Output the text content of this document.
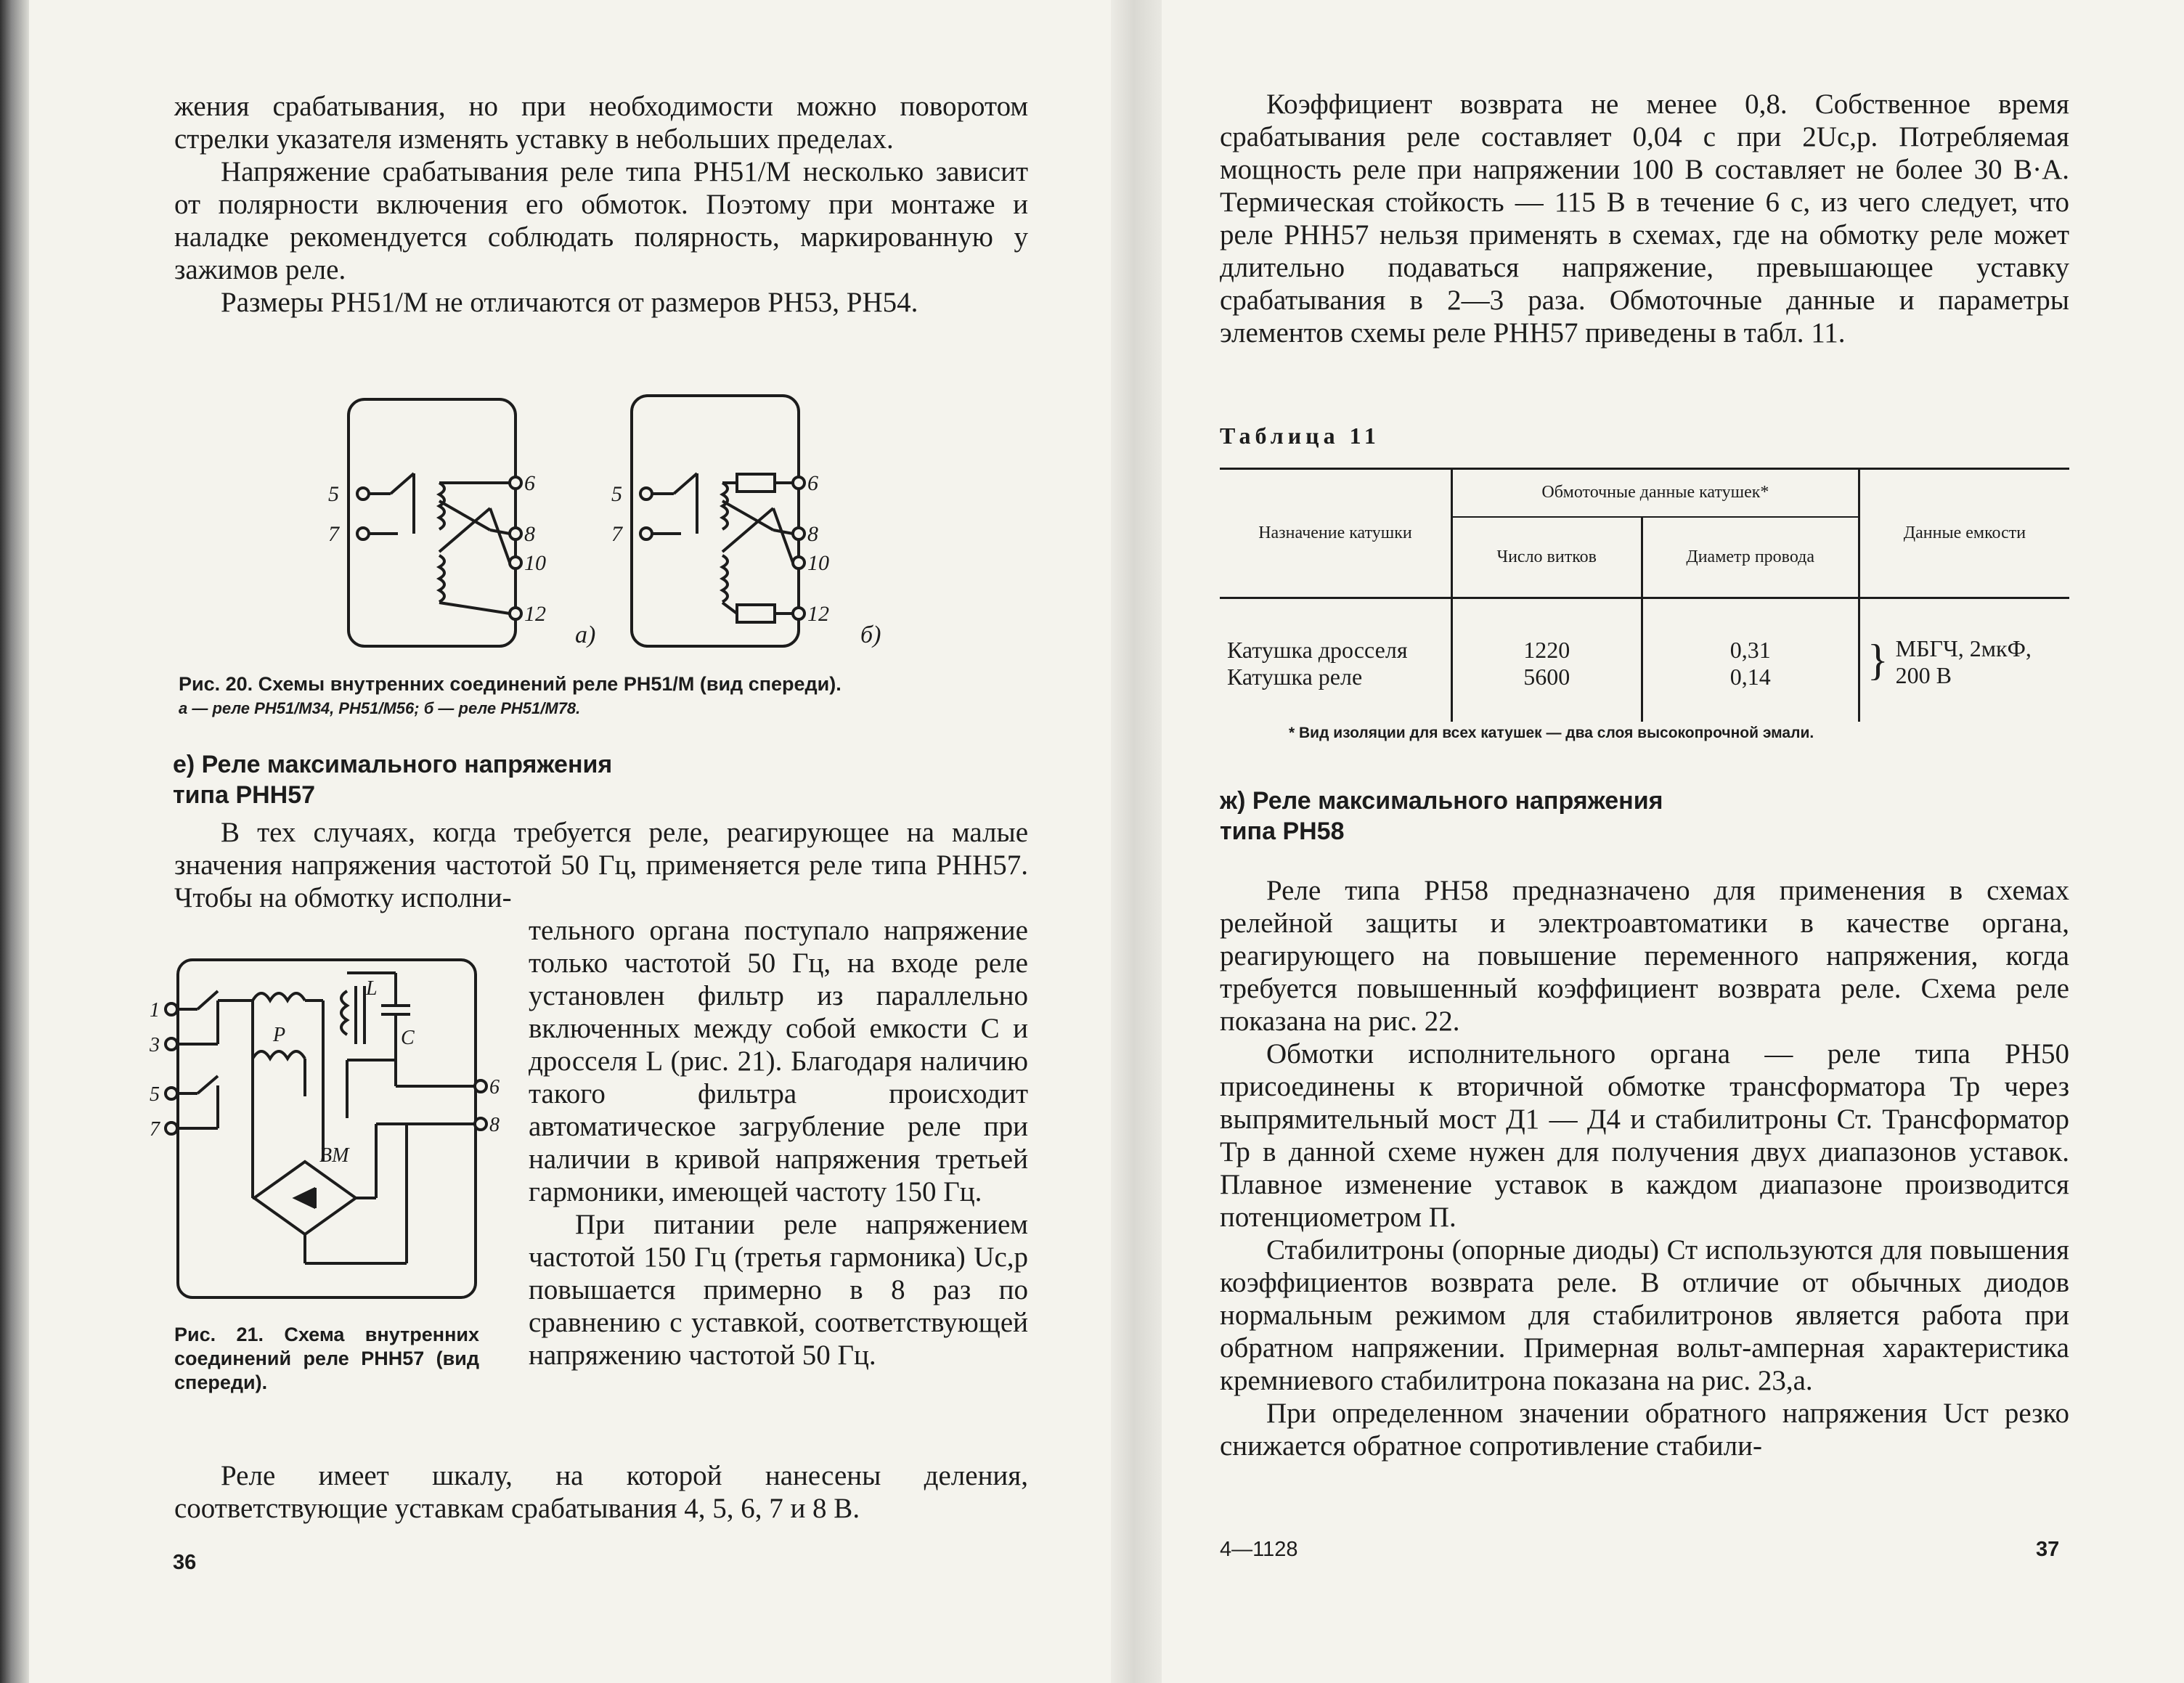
жения срабатывания, но при необходимости можно поворотом стрелки указателя изменять уставку в небольших пределах.

Напряжение срабатывания реле типа РН51/М несколько зависит от полярности включения его обмоток. Поэтому при монтаже и наладке рекомендуется соблюдать полярность, маркированную у зажимов реле.

Размеры РН51/М не отличаются от размеров РН53, РН54.

5
7
6
8
10
12
а)
5
7
6
8
10
12
б)
Рис. 20. Схемы внутренних соединений реле РН51/М (вид спереди).
а — реле РН51/М34, РН51/М56; б — реле РН51/М78.
е) Реле максимального напряжения
типа РНН57
В тех случаях, когда требуется реле, реагирующее на малые значения напряжения частотой 50 Гц, применяется реле типа РНН57. Чтобы на обмотку исполни-
1
3
5
7
6
8
Р
L
С
ВМ

тельного органа поступало напряжение только частотой 50 Гц, на входе реле установлен фильтр из параллельно включенных между собой емкости C и дросселя L (рис. 21). Благодаря наличию такого фильтра происходит автоматическое загрубление реле при наличии в кривой напряжения третьей гармоники, имеющей частоту 150 Гц.

При питании реле напряжением частотой 150 Гц (третья гармоника) Uс,р повышается примерно в 8 раз по сравнению с уставкой, соответствующей напряжению частотой 50 Гц.

Рис. 21. Схема внутренних соединений реле РНН57 (вид спереди).
Реле имеет шкалу, на которой нанесены деления, соответствующие уставкам срабатывания 4, 5, 6, 7 и 8 В.
36
Коэффициент возврата не менее 0,8. Собственное время срабатывания реле составляет 0,04 с при 2Uс,р. Потребляемая мощность реле при напряжении 100 В составляет не более 30 В·А. Термическая стойкость — 115 В в течение 6 с, из чего следует, что реле РНН57 нельзя применять в схемах, где на обмотку реле может длительно подаваться напряжение, превышающее уставку срабатывания в 2—3 раза. Обмоточные данные и параметры элементов схемы реле РНН57 приведены в табл. 11.
Таблица 11
Назначение катушки	Обмоточные данные катушек*		Данные емкости
	Число витков	Диаметр провода	
Катушка дросселя	1220	0,31	} МБГЧ, 2мкФ,
200 В

Катушка реле	5600	0,14	
* Вид изоляции для всех катушек — два слоя высокопрочной эмали.
ж) Реле максимального напряжения
типа РН58

Реле типа РН58 предназначено для применения в схемах релейной защиты и электроавтоматики в качестве органа, реагирующего на повышение переменного напряжения, когда требуется повышенный коэффициент возврата реле. Схема реле показана на рис. 22.

Обмотки исполнительного органа — реле типа РН50 присоединены к вторичной обмотке трансформатора Тр через выпрямительный мост Д1 — Д4 и стабилитроны Ст. Трансформатор Тр в данной схеме нужен для получения двух диапазонов уставок. Плавное изменение уставок в каждом диапазоне производится потенциометром П.

Стабилитроны (опорные диоды) Ст используются для повышения коэффициентов возврата реле. В отличие от обычных диодов нормальным режимом для стабилитронов является работа при обратном напряжении. Примерная вольт-амперная характеристика кремниевого стабилитрона показана на рис. 23,а.

При определенном значении обратного напряжения Uст резко снижается обратное сопротивление стабили-

4—1128	37
